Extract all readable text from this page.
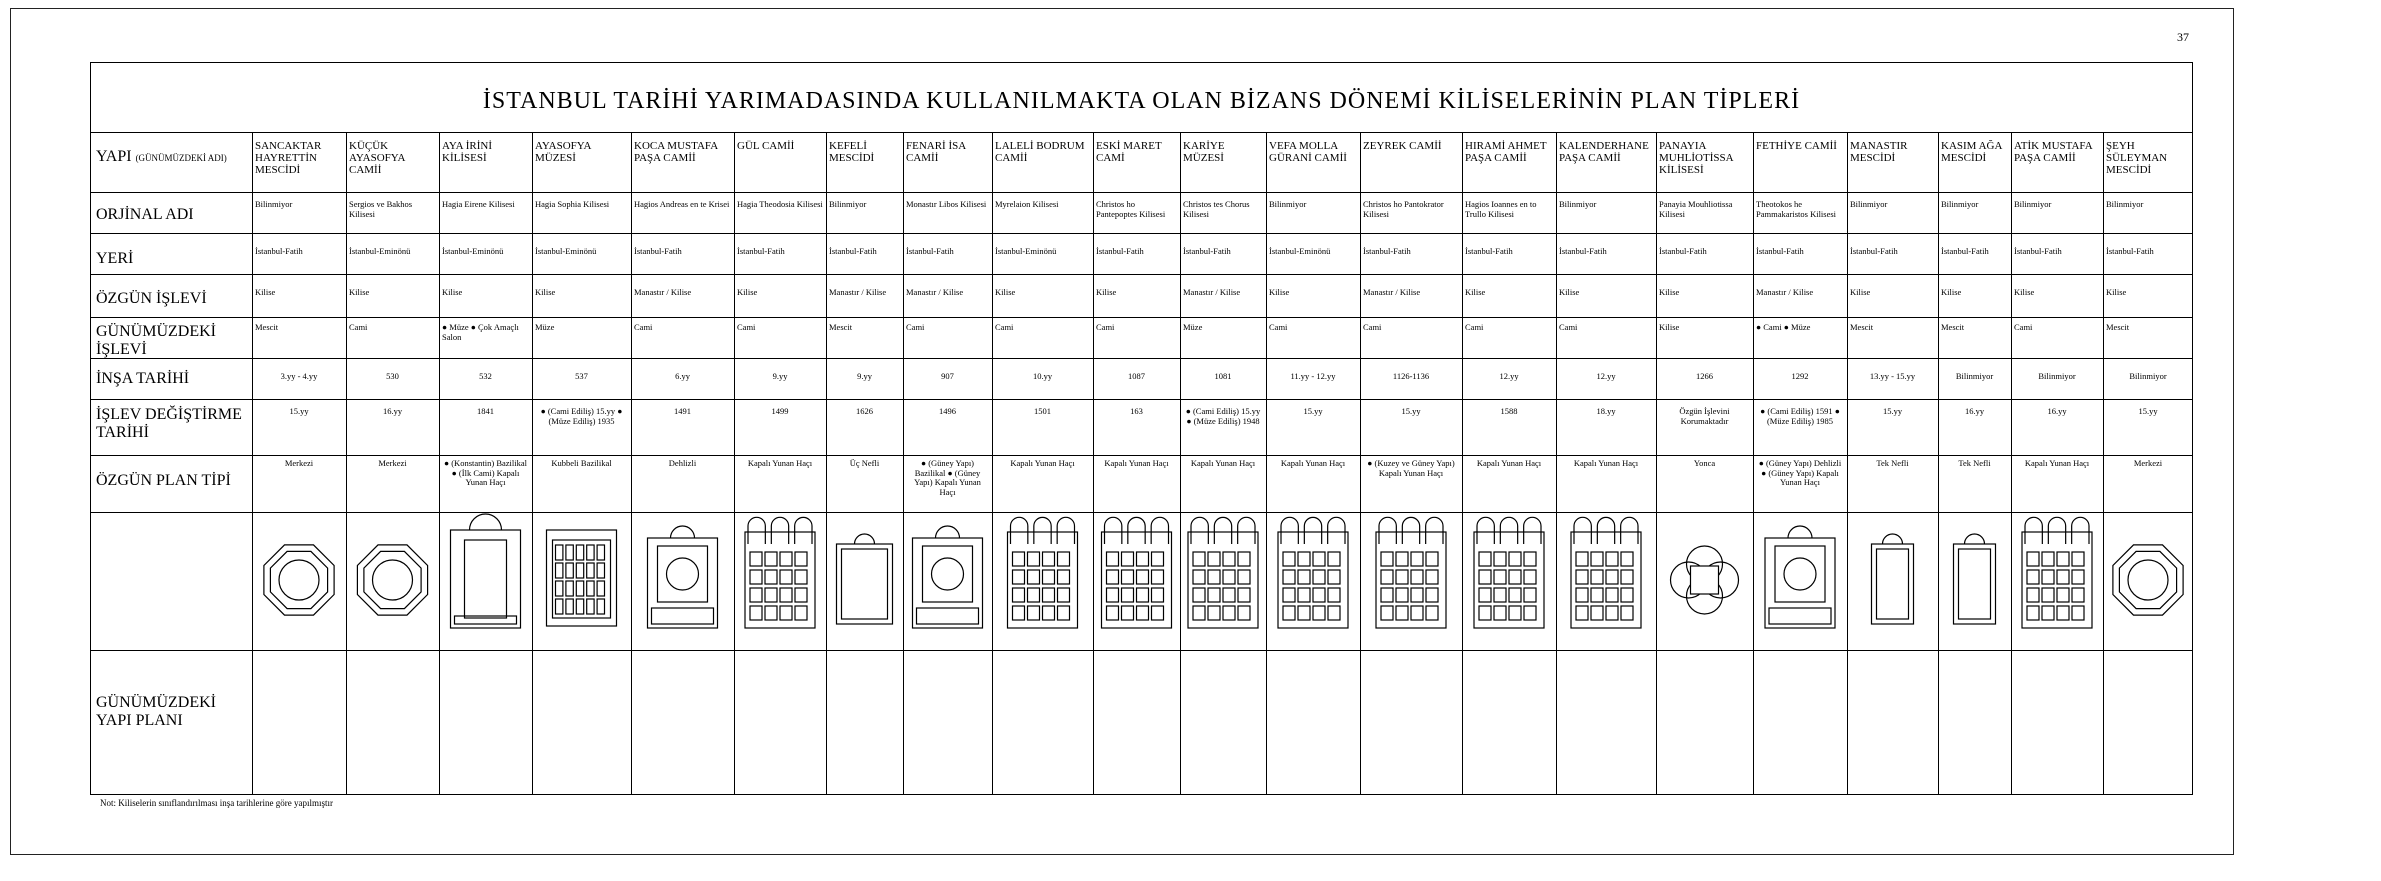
37
İSTANBUL TARİHİ YARIMADASINDA KULLANILMAKTA OLAN BİZANS DÖNEMİ KİLİSELERİNİN PLAN TİPLERİ
YAPI (GÜNÜMÜZDEKİ ADI)
ORJİNAL ADI
YERİ
ÖZGÜN İŞLEVİ
GÜNÜMÜZDEKİ İŞLEVİ
İNŞA TARİHİ
İŞLEV DEĞİŞTİRME TARİHİ
ÖZGÜN PLAN TİPİ
GÜNÜMÜZDEKİ YAPI PLANI
SANCAKTAR HAYRETTİN MESCİDİ
Bilinmiyor
İstanbul-Fatih
Kilise
Mescit
3.yy - 4.yy
15.yy
Merkezi
KÜÇÜK AYASOFYA CAMİİ
Sergios ve Bakhos Kilisesi
İstanbul-Eminönü
Kilise
Cami
530
16.yy
Merkezi
AYA İRİNİ KİLİSESİ
Hagia Eirene Kilisesi
İstanbul-Eminönü
Kilise
● Müze ● Çok Amaçlı Salon
532
1841
● (Konstantin) Bazilikal ● (İlk Cami) Kapalı Yunan Haçı
AYASOFYA MÜZESİ
Hagia Sophia Kilisesi
İstanbul-Eminönü
Kilise
Müze
537
● (Cami Ediliş) 15.yy ● (Müze Ediliş) 1935
Kubbeli Bazilikal
KOCA MUSTAFA PAŞA CAMİİ
Hagios Andreas en te Krisei
İstanbul-Fatih
Manastır / Kilise
Cami
6.yy
1491
Dehlizli
GÜL CAMİİ
Hagia Theodosia Kilisesi
İstanbul-Fatih
Kilise
Cami
9.yy
1499
Kapalı Yunan Haçı
KEFELİ MESCİDİ
Bilinmiyor
İstanbul-Fatih
Manastır / Kilise
Mescit
9.yy
1626
Üç Nefli
FENARİ İSA CAMİİ
Monastır Libos Kilisesi
İstanbul-Fatih
Manastır / Kilise
Cami
907
1496
● (Güney Yapı) Bazilikal ● (Güney Yapı) Kapalı Yunan Haçı
LALELİ BODRUM CAMİİ
Myrelaion Kilisesi
İstanbul-Eminönü
Kilise
Cami
10.yy
1501
Kapalı Yunan Haçı
ESKİ MARET CAMİ
Christos ho Pantepoptes Kilisesi
İstanbul-Fatih
Kilise
Cami
1087
163
Kapalı Yunan Haçı
KARİYE MÜZESİ
Christos tes Chorus Kilisesi
İstanbul-Fatih
Manastır / Kilise
Müze
1081
● (Cami Ediliş) 15.yy ● (Müze Ediliş) 1948
Kapalı Yunan Haçı
VEFA MOLLA GÜRANİ CAMİİ
Bilinmiyor
İstanbul-Eminönü
Kilise
Cami
11.yy - 12.yy
15.yy
Kapalı Yunan Haçı
ZEYREK CAMİİ
Christos ho Pantokrator Kilisesi
İstanbul-Fatih
Manastır / Kilise
Cami
1126-1136
15.yy
● (Kuzey ve Güney Yapı) Kapalı Yunan Haçı
HIRAMİ AHMET PAŞA CAMİİ
Hagios Ioannes en to Trullo Kilisesi
İstanbul-Fatih
Kilise
Cami
12.yy
1588
Kapalı Yunan Haçı
KALENDERHANE PAŞA CAMİİ
Bilinmiyor
İstanbul-Fatih
Kilise
Cami
12.yy
18.yy
Kapalı Yunan Haçı
PANAYIA MUHLİOTİSSA KİLİSESİ
Panayia Mouhliotissa Kilisesi
İstanbul-Fatih
Kilise
Kilise
1266
Özgün İşlevini Korumaktadır
Yonca
FETHİYE CAMİİ
Theotokos he Pammakaristos Kilisesi
İstanbul-Fatih
Manastır / Kilise
● Cami ● Müze
1292
● (Cami Ediliş) 1591 ● (Müze Ediliş) 1985
● (Güney Yapı) Dehlizli ● (Güney Yapı) Kapalı Yunan Haçı
MANASTIR MESCİDİ
Bilinmiyor
İstanbul-Fatih
Kilise
Mescit
13.yy - 15.yy
15.yy
Tek Nefli
KASIM AĞA MESCİDİ
Bilinmiyor
İstanbul-Fatih
Kilise
Mescit
Bilinmiyor
16.yy
Tek Nefli
ATİK MUSTAFA PAŞA CAMİİ
Bilinmiyor
İstanbul-Fatih
Kilise
Cami
Bilinmiyor
16.yy
Kapalı Yunan Haçı
ŞEYH SÜLEYMAN MESCİDİ
Bilinmiyor
İstanbul-Fatih
Kilise
Mescit
Bilinmiyor
15.yy
Merkezi
Not: Kiliselerin sınıflandırılması inşa tarihlerine göre yapılmıştır
